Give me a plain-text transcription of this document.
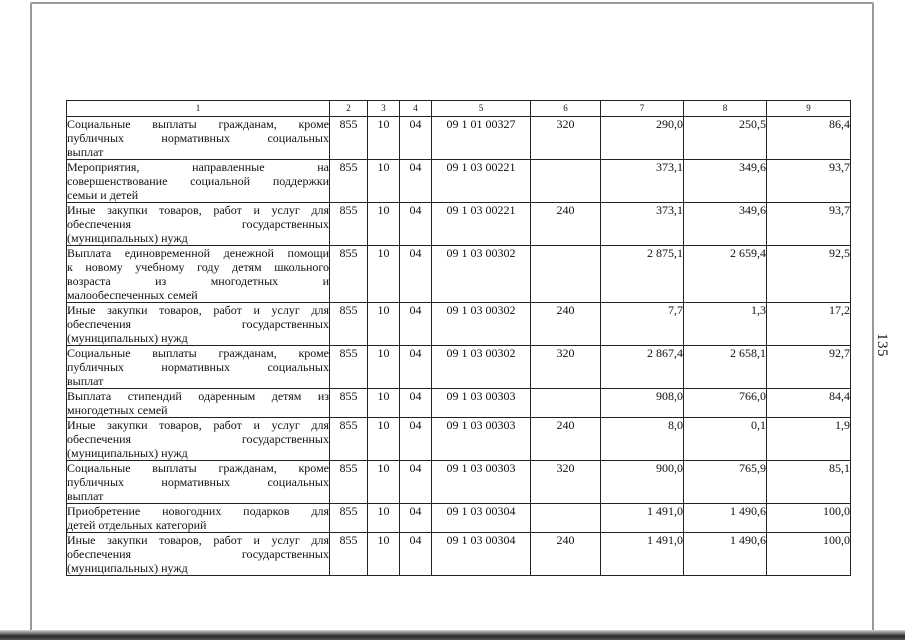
135
1	2	3	4	5	6	7	8	9

Социальные выплаты гражданам, кроме
публичных нормативных социальных
выплат	855	10	04	09 1 01 00327	320	290,0	250,5	86,4

Мероприятия, направленные на
совершенствование социальной поддержки
семьи и детей	855	10	04	09 1 03 00221		373,1	349,6	93,7

Иные закупки товаров, работ и услуг для
обеспечения государственных
(муниципальных) нужд	855	10	04	09 1 03 00221	240	373,1	349,6	93,7

Выплата единовременной денежной помощи
к новому учебному году детям школьного
возраста из многодетных и
малообеспеченных семей	855	10	04	09 1 03 00302		2 875,1	2 659,4	92,5

Иные закупки товаров, работ и услуг для
обеспечения государственных
(муниципальных) нужд	855	10	04	09 1 03 00302	240	7,7	1,3	17,2

Социальные выплаты гражданам, кроме
публичных нормативных социальных
выплат	855	10	04	09 1 03 00302	320	2 867,4	2 658,1	92,7

Выплата стипендий одаренным детям из
многодетных семей	855	10	04	09 1 03 00303		908,0	766,0	84,4

Иные закупки товаров, работ и услуг для
обеспечения государственных
(муниципальных) нужд	855	10	04	09 1 03 00303	240	8,0	0,1	1,9

Социальные выплаты гражданам, кроме
публичных нормативных социальных
выплат	855	10	04	09 1 03 00303	320	900,0	765,9	85,1

Приобретение новогодних подарков для
детей отдельных категорий	855	10	04	09 1 03 00304		1 491,0	1 490,6	100,0

Иные закупки товаров, работ и услуг для
обеспечения государственных
(муниципальных) нужд	855	10	04	09 1 03 00304	240	1 491,0	1 490,6	100,0
